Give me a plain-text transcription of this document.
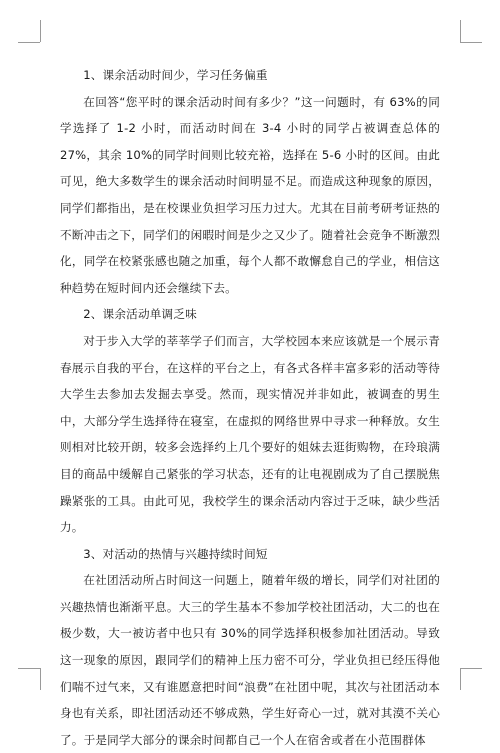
1、课余活动时间少，学习任务偏重

在回答“您平时的课余活动时间有多少？”这一问题时，有 63%的同学选择了 1-2 小时，而活动时间在 3-4 小时的同学占被调查总体的 27%，其余 10%的同学时间则比较充裕，选择在 5-6 小时的区间。由此可见，绝大多数学生的课余活动时间明显不足。而造成这种现象的原因，同学们都指出，是在校课业负担学习压力过大。尤其在目前考研考证热的不断冲击之下，同学们的闲暇时间是少之又少了。随着社会竞争不断激烈化，同学在校紧张感也随之加重，每个人都不敢懈怠自己的学业，相信这种趋势在短时间内还会继续下去。

2、课余活动单调乏味

对于步入大学的莘莘学子们而言，大学校园本来应该就是一个展示青春展示自我的平台，在这样的平台之上，有各式各样丰富多彩的活动等待大学生去参加去发掘去享受。然而，现实情况并非如此，被调查的男生中，大部分学生选择待在寝室，在虚拟的网络世界中寻求一种释放。女生则相对比较开朗，较多会选择约上几个要好的姐妹去逛街购物，在玲琅满目的商品中缓解自己紧张的学习状态，还有的让电视剧成为了自己摆脱焦躁紧张的工具。由此可见，我校学生的课余活动内容过于乏味，缺少些活力。

3、对活动的热情与兴趣持续时间短

在社团活动所占时间这一问题上，随着年级的增长，同学们对社团的兴趣热情也渐渐平息。大三的学生基本不参加学校社团活动，大二的也在极少数，大一被访者中也只有 30%的同学选择积极参加社团活动。导致这一现象的原因，跟同学们的精神上压力密不可分，学业负担已经压得他们喘不过气来，又有谁愿意把时间“浪费”在社团中呢，其次与社团活动本身也有关系，即社团活动还不够成熟，学生好奇心一过，就对其漠不关心了。于是同学大部分的课余时间都自己一个人在宿舍或者在小范围群体
